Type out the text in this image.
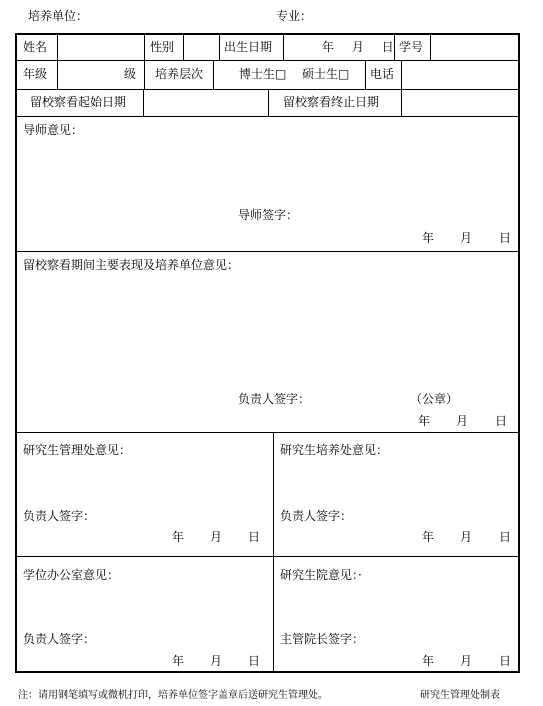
培养单位：	专业：
姓名	性别	出生日期	年 月 日 学号
年级	级 培养层次	博士生□ 硕士生□ 电话
留校察看起始日期	留校察看终止日期
导师意见：
导师签字：
年 月 日
留校察看期间主要表现及培养单位意见：
负责人签字：	（公章）
年 月 日
研究生管理处意见：
负责人签字：
年 月 日
研究生培养处意见：
负责人签字：
年 月 日
学位办公室意见：
负责人签字：
年 月 日
研究生院意见：·
主管院长签字：
年 月 日
注：请用钢笔填写或微机打印，培养单位签字盖章后送研究生管理处。	研究生管理处制表
